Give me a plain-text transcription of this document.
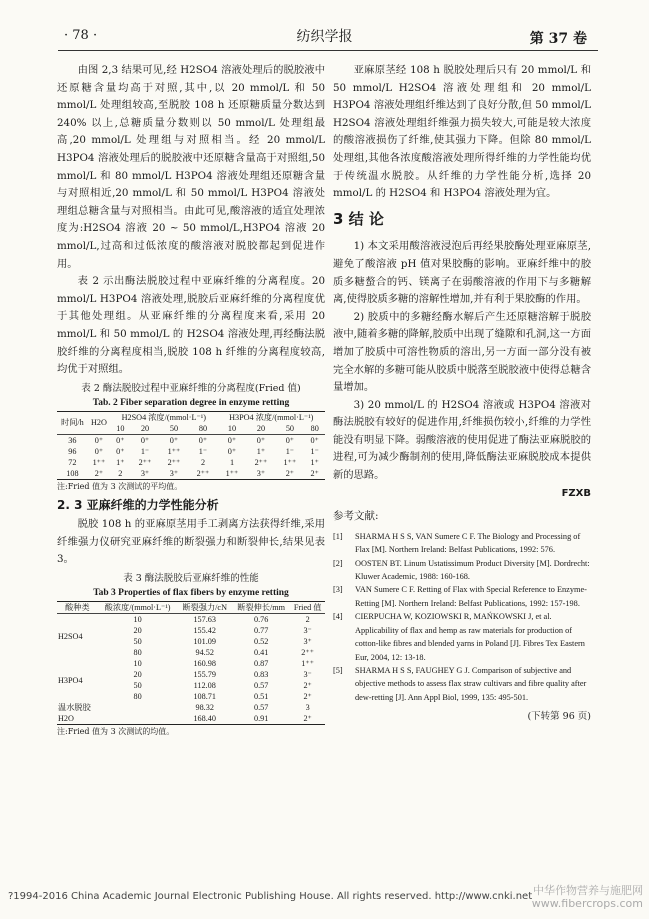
· 78 ·	纺织学报	第 37 卷

由图 2,3 结果可见,经 H2SO4 溶液处理后的脱胶液中还原糖含量均高于对照,其中,以 20 mmol/L 和 50 mmol/L 处理组较高,至脱胶 108 h 还原糖质量分数达到 240% 以上,总糖质量分数则以 50 mmol/L 处理组最高,20 mmol/L 处理组与对照相当。经 20 mmol/L H3PO4 溶液处理后的脱胶液中还原糖含量高于对照组,50 mmol/L 和 80 mmol/L H3PO4 溶液处理组还原糖含量与对照相近,20 mmol/L 和 50 mmol/L H3PO4 溶液处理组总糖含量与对照相当。由此可见,酸溶液的适宜处理浓度为:H2SO4 溶液 20 ~ 50 mmol/L,H3PO4 溶液 20 mmol/L,过高和过低浓度的酸溶液对脱胶都起到促进作用。

表 2 示出酶法脱胶过程中亚麻纤维的分离程度。20 mmol/L H3PO4 溶液处理,脱胶后亚麻纤维的分离程度优于其他处理组。从亚麻纤维的分离程度来看,采用 20 mmol/L 和 50 mmol/L 的 H2SO4 溶液处理,再经酶法脱胶纤维的分离程度相当,脱胶 108 h 纤维的分离程度较高,均优于对照组。

表 2 酶法脱胶过程中亚麻纤维的分离程度(Fried 值)
Tab. 2 Fiber separation degree in enzyme retting
时间/h	H2O	H2SO4 浓度/(mmol·L⁻¹)				H3PO4 浓度/(mmol·L⁻¹)			
		10	20	50	80	10	20	50	80
36	0⁺	0⁺	0⁺	0⁺	0⁺	0⁺	0⁺	0⁺	0⁺
96	0⁺	0⁺	1⁻	1⁺⁺	1⁻	0⁺	1⁺	1⁻	1⁻
72	1⁺⁺	1⁺	2⁺⁺	2⁺⁺	2	1	2⁺⁺	1⁺⁺	1⁺
108	2⁺	2	3⁺	3⁺	2⁺⁺	1⁺⁺	3⁺	2⁺	2⁺
注:Fried 值为 3 次测试的平均值。
2. 3 亚麻纤维的力学性能分析

脱胶 108 h 的亚麻原茎用手工剥离方法获得纤维,采用纤维强力仪研究亚麻纤维的断裂强力和断裂伸长,结果见表 3。

表 3 酶法脱胶后亚麻纤维的性能
Tab 3 Properties of flax fibers by enzyme retting
酸种类	酸浓度/(mmol·L⁻¹)	断裂强力/cN	断裂伸长/mm	Fried 值
H2SO4	10	157.63	0.76	2
	20	155.42	0.77	3⁻
	50	101.09	0.52	3⁺
	80	94.52	0.41	2⁺⁺
H3PO4	10	160.98	0.87	1⁺⁺
	20	155.79	0.83	3⁻
	50	112.08	0.57	2⁺
	80	108.71	0.51	2⁺
温水脱胶		98.32	0.57	3
H2O		168.40	0.91	2⁺
注:Fried 值为 3 次测试的均值。

亚麻原茎经 108 h 脱胶处理后只有 20 mmol/L 和 50 mmol/L H2SO4 溶液处理组和 20 mmol/L H3PO4 溶液处理组纤维达到了良好分散,但 50 mmol/L H2SO4 溶液处理组纤维强力损失较大,可能是较大浓度的酸溶液损伤了纤维,使其强力下降。但除 80 mmol/L 处理组,其他各浓度酸溶液处理所得纤维的力学性能均优于传统温水脱胶。从纤维的力学性能分析,选择 20 mmol/L 的 H2SO4 和 H3PO4 溶液处理为宜。

3 结 论

1) 本文采用酸溶液浸泡后再经果胶酶处理亚麻原茎,避免了酸溶液 pH 值对果胶酶的影响。亚麻纤维中的胶质多糖螯合的钙、镁离子在弱酸溶液的作用下与多糖解离,使得胶质多糖的溶解性增加,并有利于果胶酶的作用。

2) 胶质中的多糖经酶水解后产生还原糖溶解于脱胶液中,随着多糖的降解,胶质中出现了缝隙和孔洞,这一方面增加了胶质中可溶性物质的溶出,另一方面一部分没有被完全水解的多糖可能从胶质中脱落至脱胶液中使得总糖含量增加。

3) 20 mmol/L 的 H2SO4 溶液或 H3PO4 溶液对酶法脱胶有较好的促进作用,纤维损伤较小,纤维的力学性能没有明显下降。弱酸溶液的使用促进了酶法亚麻脱胶的进程,可为减少酶制剂的使用,降低酶法亚麻脱胶成本提供新的思路。

FZXB
参考文献:
[1]	SHARMA H S S, VAN Sumere C F. The Biology and Processing of Flax [M]. Northern Ireland: Belfast Publications, 1992: 576.
[2]	OOSTEN BT. Linum Ustatissimum Product Diversity [M]. Dordrecht: Kluwer Academic, 1988: 160-168.
[3]	VAN Sumere C F. Retting of Flax with Special Reference to Enzyme-Retting [M]. Northern Ireland: Belfast Publications, 1992: 157-198.
[4]	CIERPUCHA W, KOZIOWSKI R, MAŃKOWSKI J, et al. Applicability of flax and hemp as raw materials for production of cotton-like fibres and blended yarns in Poland [J]. Fibres Tex Eastern Eur, 2004, 12: 13-18.
[5]	SHARMA H S S, FAUGHEY G J. Comparison of subjective and objective methods to assess flax straw cultivars and fibre quality after dew-retting [J]. Ann Appl Biol, 1999, 135: 495-501.
(下转第 96 页)
?1994-2016 China Academic Journal Electronic Publishing House. All rights reserved. http://www.cnki.net 中华作物营养与施肥网
www.fibercrops.com
